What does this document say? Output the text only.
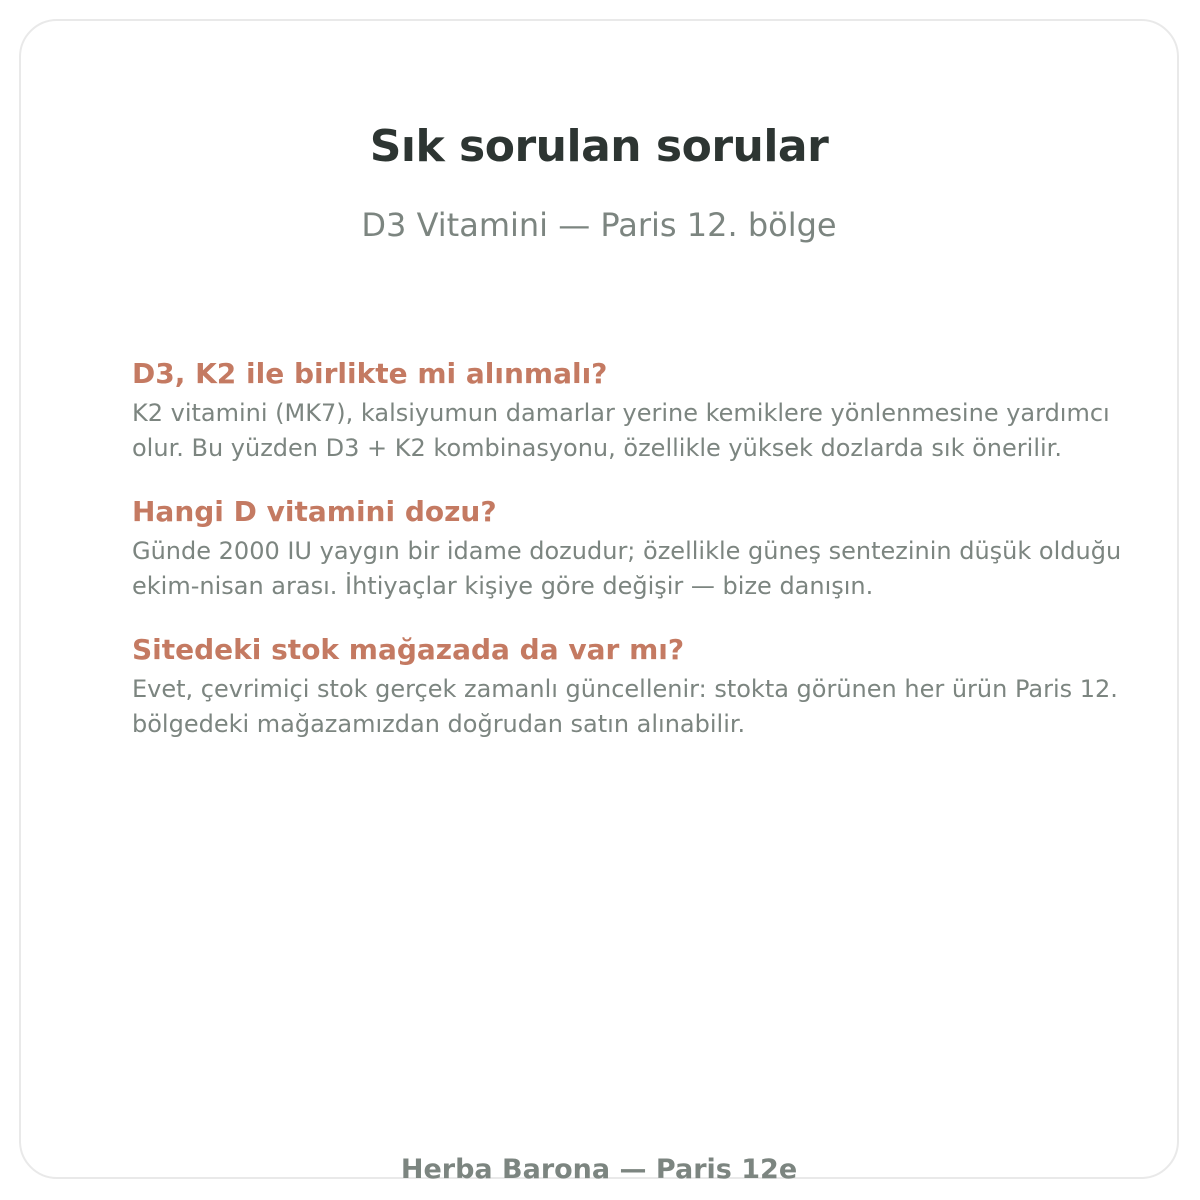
Sık sorulan sorular

D3 Vitamini — Paris 12. bölge

D3, K2 ile birlikte mi alınmalı?

K2 vitamini (MK7), kalsiyumun damarlar yerine kemiklere yönlenmesine yardımcı olur. Bu yüzden D3 + K2 kombinasyonu, özellikle yüksek dozlarda sık önerilir.

Hangi D vitamini dozu?

Günde 2000 IU yaygın bir idame dozudur; özellikle güneş sentezinin düşük olduğu ekim-nisan arası. İhtiyaçlar kişiye göre değişir — bize danışın.

Sitedeki stok mağazada da var mı?

Evet, çevrimiçi stok gerçek zamanlı güncellenir: stokta görünen her ürün Paris 12. bölgedeki mağazamızdan doğrudan satın alınabilir.

Herba Barona — Paris 12e
